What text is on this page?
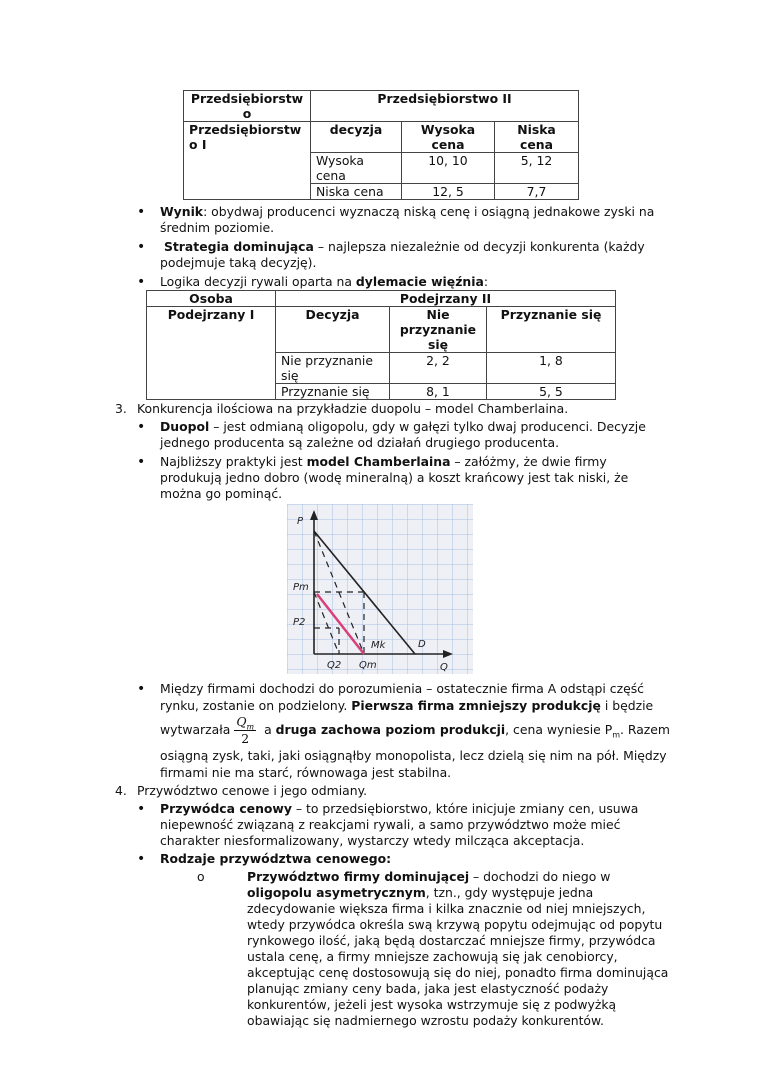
Przedsiębiorstwo	Przedsiębiorstwo II		
Przedsiębiorstwo I	decyzja	Wysoka cena	Niska cena
	Wysoka cena	10, 10	5, 12
	Niska cena	12, 5	7,7
•
Wynik: obydwaj producenci wyznaczą niską cenę i osiągną jednakowe zyski na średnim poziomie.
•
Strategia dominująca – najlepsza niezależnie od decyzji konkurenta (każdy podejmuje taką decyzję).
•
Logika decyzji rywali oparta na dylemacie więźnia:
Osoba	Podejrzany II		
Podejrzany I	Decyzja	Nie przyznanie się	Przyznanie się
	Nie przyznanie się	2, 2	1, 8
	Przyznanie się	8, 1	5, 5
3. Konkurencja ilościowa na przykładzie duopolu – model Chamberlaina.
•
Duopol – jest odmianą oligopolu, gdy w gałęzi tylko dwaj producenci. Decyzje jednego producenta są zależne od działań drugiego producenta.
•
Najbliższy praktyki jest model Chamberlaina – załóżmy, że dwie firmy produkują jedno dobro (wodę mineralną) a koszt krańcowy jest tak niski, że można go pominąć.
P
Pm
P2
Q2 Qm	Q
D
Mk
•
Między firmami dochodzi do porozumienia – ostatecznie firma A odstąpi część rynku, zostanie on podzielony. Pierwsza firma zmniejszy produkcję i będzie wytwarzała $\frac{Q_m}{2}$ a druga zachowa poziom produkcji, cena wyniesie $P_m$. Razem osiągną zysk, taki, jaki osiągnąłby monopolista, lecz dzielą się nim na pół. Między firmami nie ma starć, równowaga jest stabilna.
4. Przywództwo cenowe i jego odmiany.
•
Przywódca cenowy – to przedsiębiorstwo, które inicjuje zmiany cen, usuwa niepewność związaną z reakcjami rywali, a samo przywództwo może mieć charakter niesformalizowany, wystarczy wtedy milcząca akceptacja.
•
Rodzaje przywództwa cenowego:
o	Przywództwo firmy dominującej – dochodzi do niego w oligopolu asymetrycznym, tzn., gdy występuje jedna zdecydowanie większa firma i kilka znacznie od niej mniejszych, wtedy przywódca określa swą krzywą popytu odejmując od popytu rynkowego ilość, jaką będą dostarczać mniejsze firmy, przywódca ustala cenę, a firmy mniejsze zachowują się jak cenobiorcy, akceptując cenę dostosowują się do niej, ponadto firma dominująca planując zmiany ceny bada, jaka jest elastyczność podaży konkurentów, jeżeli jest wysoka wstrzymuje się z podwyżką obawiając się nadmiernego wzrostu podaży konkurentów.
